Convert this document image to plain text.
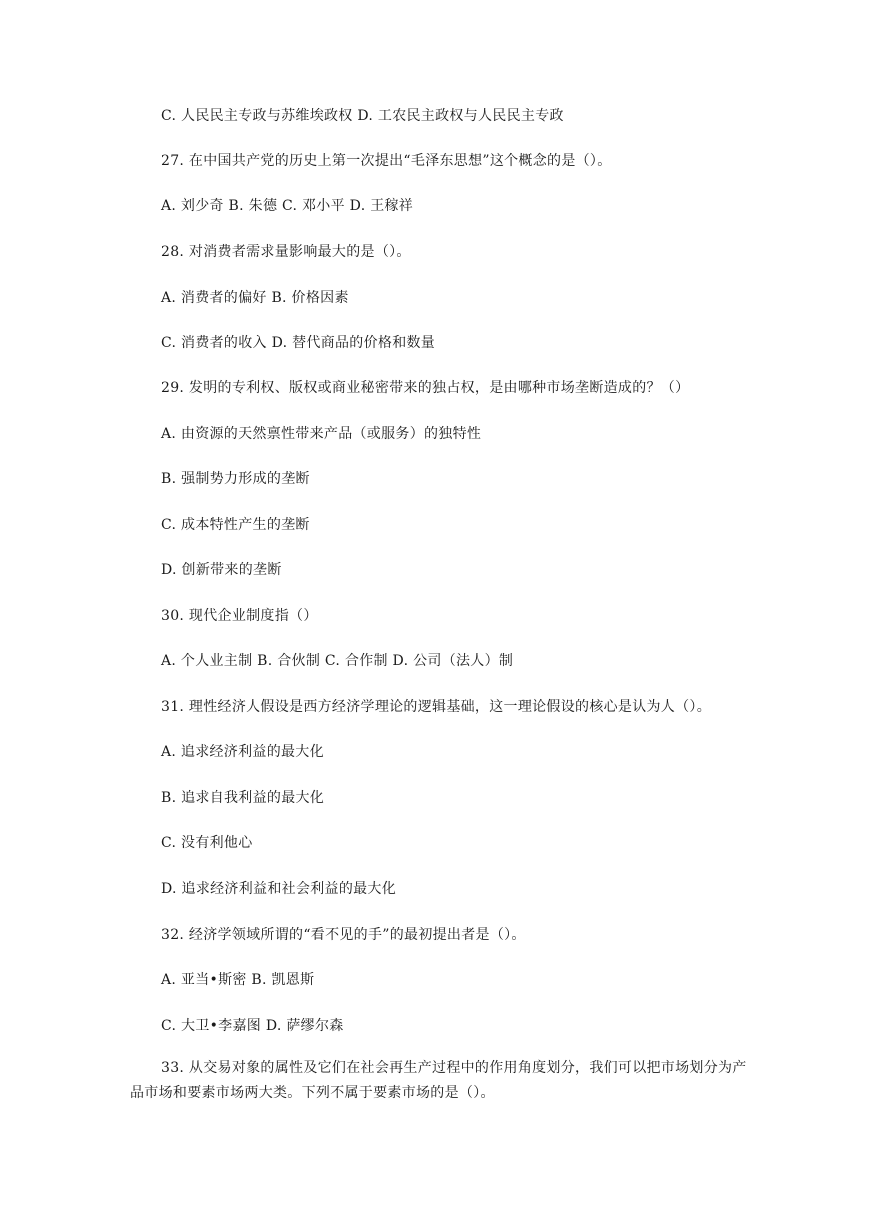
C. 人民民主专政与苏维埃政权 D. 工农民主政权与人民民主专政
27. 在中国共产党的历史上第一次提出“毛泽东思想”这个概念的是（）。
A. 刘少奇 B. 朱德 C. 邓小平 D. 王稼祥
28. 对消费者需求量影响最大的是（）。
A. 消费者的偏好 B. 价格因素
C. 消费者的收入 D. 替代商品的价格和数量
29. 发明的专利权、版权或商业秘密带来的独占权，是由哪种市场垄断造成的？（）
A. 由资源的天然禀性带来产品（或服务）的独特性
B. 强制势力形成的垄断
C. 成本特性产生的垄断
D. 创新带来的垄断
30. 现代企业制度指（）
A. 个人业主制 B. 合伙制 C. 合作制 D. 公司（法人）制
31. 理性经济人假设是西方经济学理论的逻辑基础，这一理论假设的核心是认为人（）。
A. 追求经济利益的最大化
B. 追求自我利益的最大化
C. 没有利他心
D. 追求经济利益和社会利益的最大化
32. 经济学领域所谓的“看不见的手”的最初提出者是（）。
A. 亚当•斯密 B. 凯恩斯
C. 大卫•李嘉图 D. 萨缪尔森
33. 从交易对象的属性及它们在社会再生产过程中的作用角度划分，我们可以把市场划分为产品市场和要素市场两大类。下列不属于要素市场的是（）。
